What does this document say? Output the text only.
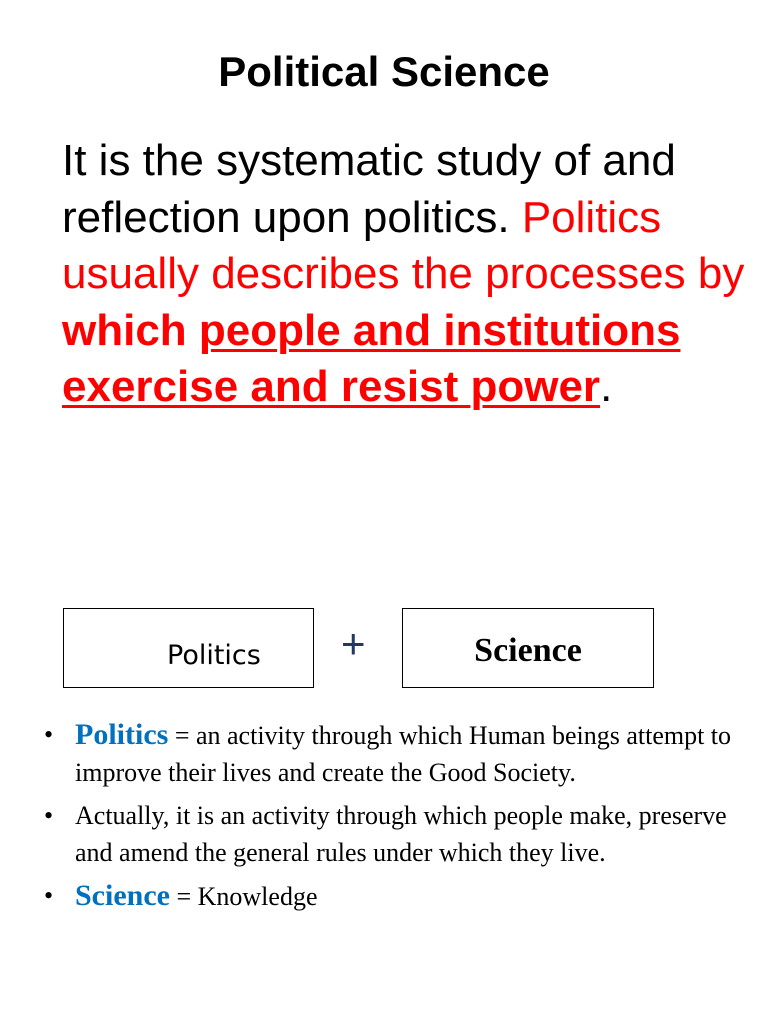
Political Science

It is the systematic study of and reflection upon politics. Politics usually describes the processes by which people and institutions exercise and resist power.

Politics +	Science
• Politics = an activity through which Human beings attempt to improve their lives and create the Good Society.
• Actually, it is an activity through which people make, preserve and amend the general rules under which they live.
• Science = Knowledge
